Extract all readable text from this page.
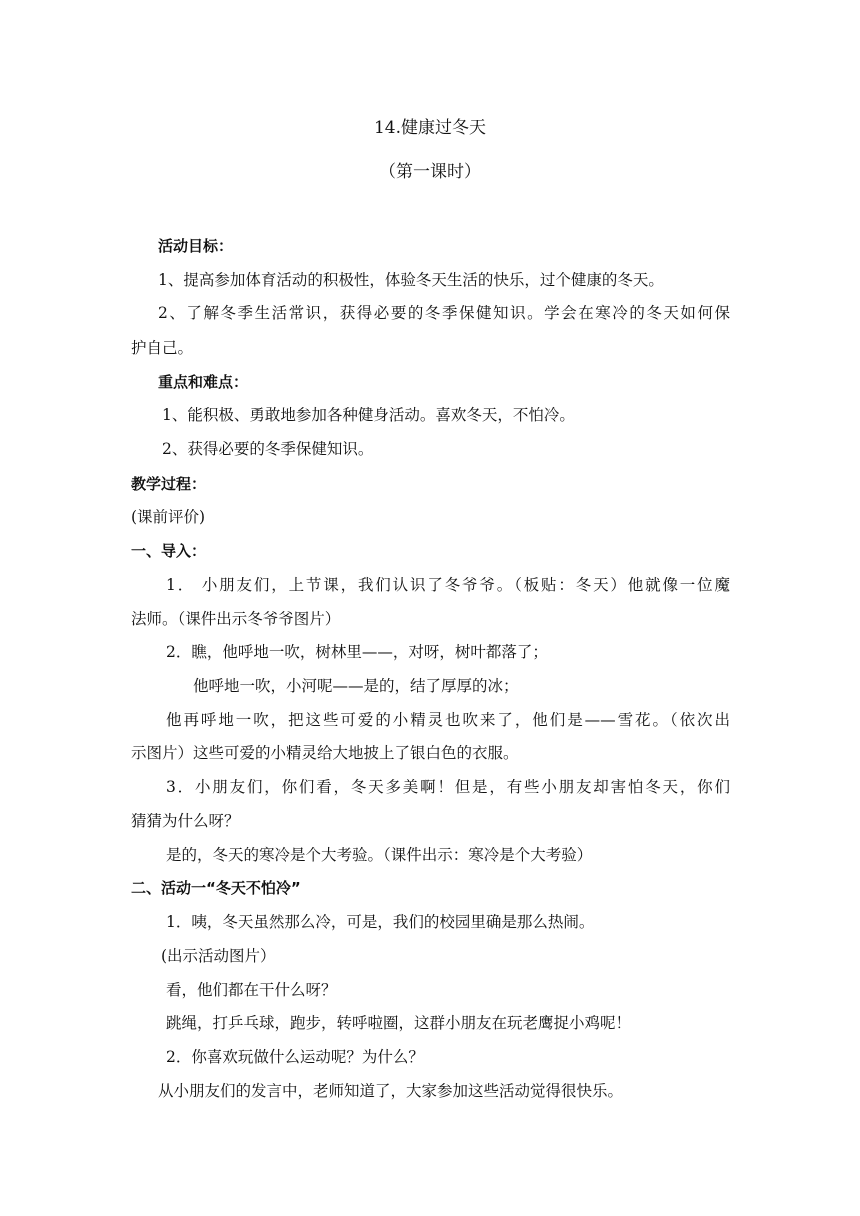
14.健康过冬天
（第一课时）
活动目标：
1、提高参加体育活动的积极性，体验冬天生活的快乐，过个健康的冬天。
2、了解冬季生活常识，获得必要的冬季保健知识。学会在寒冷的冬天如何保
护自己。
重点和难点：
1、能积极、勇敢地参加各种健身活动。喜欢冬天，不怕冷。
2、获得必要的冬季保健知识。
教学过程：
(课前评价)
一、导入：
1． 小朋友们，上节课，我们认识了冬爷爷。（板贴：冬天）他就像一位魔
法师。（课件出示冬爷爷图片）
2．瞧，他呼地一吹，树林里——，对呀，树叶都落了；
他呼地一吹，小河呢——是的，结了厚厚的冰；
他再呼地一吹，把这些可爱的小精灵也吹来了，他们是——雪花。（依次出
示图片）这些可爱的小精灵给大地披上了银白色的衣服。
3．小朋友们，你们看，冬天多美啊！但是，有些小朋友却害怕冬天，你们
猜猜为什么呀？
是的，冬天的寒冷是个大考验。（课件出示：寒冷是个大考验）
二、活动一“冬天不怕冷”
1．咦，冬天虽然那么冷，可是，我们的校园里确是那么热闹。
(出示活动图片）
看，他们都在干什么呀？
跳绳，打乒乓球，跑步，转呼啦圈，这群小朋友在玩老鹰捉小鸡呢！
2．你喜欢玩做什么运动呢？为什么？
从小朋友们的发言中，老师知道了，大家参加这些活动觉得很快乐。
